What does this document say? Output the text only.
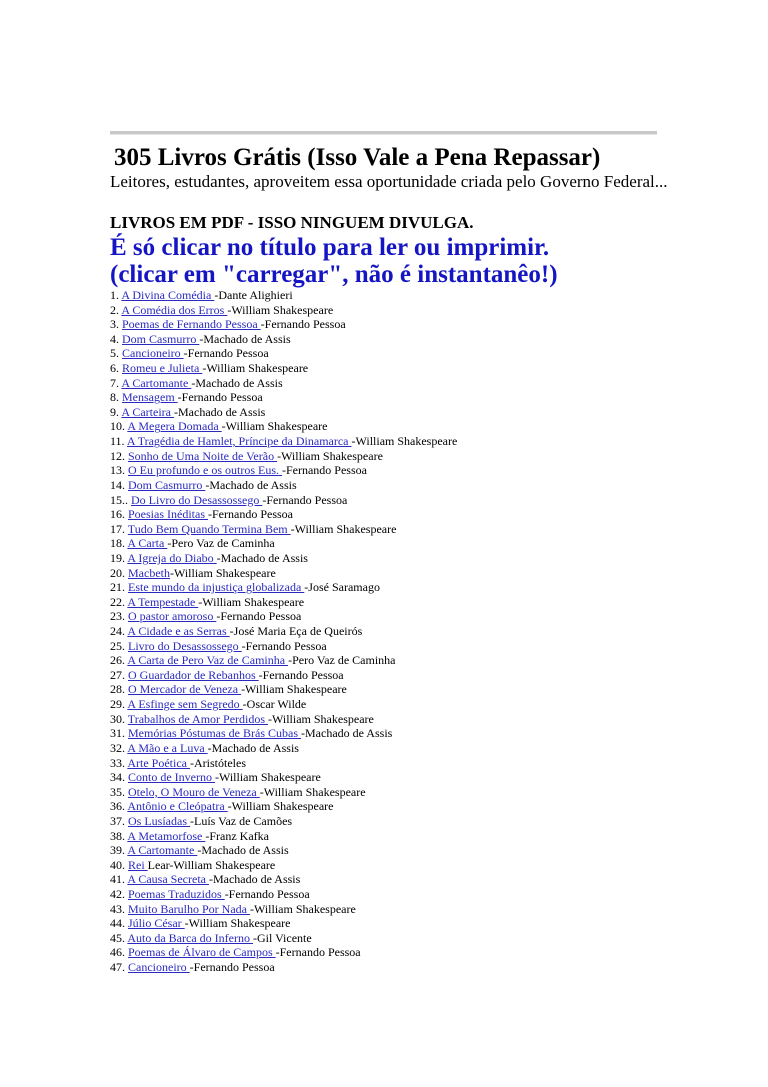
305 Livros Grátis (Isso Vale a Pena Repassar)
Leitores, estudantes, aproveitem essa oportunidade criada pelo Governo Federal...
LIVROS EM PDF - ISSO NINGUEM DIVULGA.
É só clicar no título para ler ou imprimir.
(clicar em "carregar", não é instantanêo!)
1. A Divina Comédia -Dante Alighieri
2. A Comédia dos Erros -William Shakespeare
3. Poemas de Fernando Pessoa -Fernando Pessoa
4. Dom Casmurro -Machado de Assis
5. Cancioneiro -Fernando Pessoa
6. Romeu e Julieta -William Shakespeare
7. A Cartomante -Machado de Assis
8. Mensagem -Fernando Pessoa
9. A Carteira -Machado de Assis
10. A Megera Domada -William Shakespeare
11. A Tragédia de Hamlet, Príncipe da Dinamarca -William Shakespeare
12. Sonho de Uma Noite de Verão -William Shakespeare
13. O Eu profundo e os outros Eus. -Fernando Pessoa
14. Dom Casmurro -Machado de Assis
15.. Do Livro do Desassossego -Fernando Pessoa
16. Poesias Inéditas -Fernando Pessoa
17. Tudo Bem Quando Termina Bem -William Shakespeare
18. A Carta -Pero Vaz de Caminha
19. A Igreja do Diabo -Machado de Assis
20. Macbeth-William Shakespeare
21. Este mundo da injustiça globalizada -José Saramago
22. A Tempestade -William Shakespeare
23. O pastor amoroso -Fernando Pessoa
24. A Cidade e as Serras -José Maria Eça de Queirós
25. Livro do Desassossego -Fernando Pessoa
26. A Carta de Pero Vaz de Caminha -Pero Vaz de Caminha
27. O Guardador de Rebanhos -Fernando Pessoa
28. O Mercador de Veneza -William Shakespeare
29. A Esfinge sem Segredo -Oscar Wilde
30. Trabalhos de Amor Perdidos -William Shakespeare
31. Memórias Póstumas de Brás Cubas -Machado de Assis
32. A Mão e a Luva -Machado de Assis
33. Arte Poética -Aristóteles
34. Conto de Inverno -William Shakespeare
35. Otelo, O Mouro de Veneza -William Shakespeare
36. Antônio e Cleópatra -William Shakespeare
37. Os Lusíadas -Luís Vaz de Camões
38. A Metamorfose -Franz Kafka
39. A Cartomante -Machado de Assis
40. Rei Lear-William Shakespeare
41. A Causa Secreta -Machado de Assis
42. Poemas Traduzidos -Fernando Pessoa
43. Muito Barulho Por Nada -William Shakespeare
44. Júlio César -William Shakespeare
45. Auto da Barca do Inferno -Gil Vicente
46. Poemas de Álvaro de Campos -Fernando Pessoa
47. Cancioneiro -Fernando Pessoa
